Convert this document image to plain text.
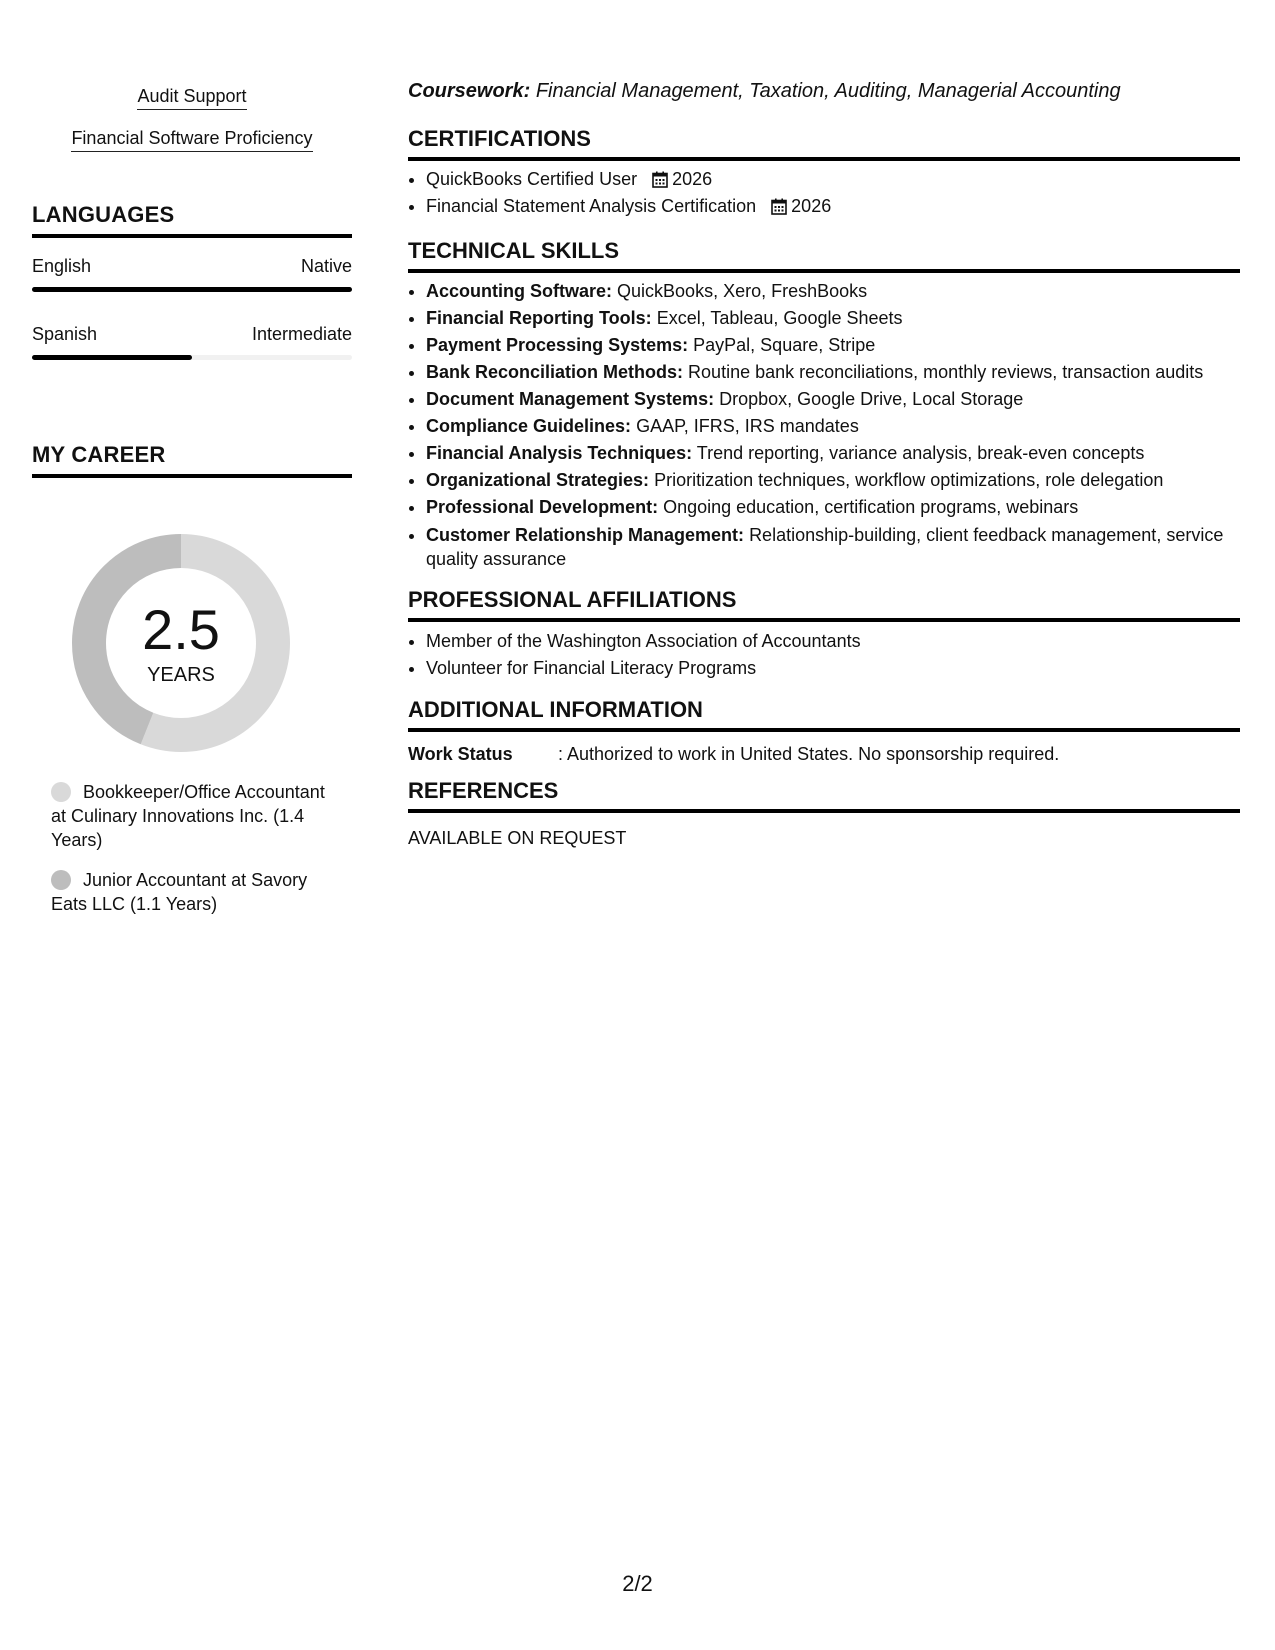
Audit Support
Financial Software Proficiency
LANGUAGES
English	Native
Spanish	Intermediate
MY CAREER
2.5
YEARS
Bookkeeper/Office Accountant at Culinary Innovations Inc. (1.4 Years)
Junior Accountant at Savory Eats LLC (1.1 Years)
Coursework: Financial Management, Taxation, Auditing, Managerial Accounting
CERTIFICATIONS
• QuickBooks Certified User 2026
• Financial Statement Analysis Certification 2026
TECHNICAL SKILLS
• Accounting Software: QuickBooks, Xero, FreshBooks
• Financial Reporting Tools: Excel, Tableau, Google Sheets
• Payment Processing Systems: PayPal, Square, Stripe
• Bank Reconciliation Methods: Routine bank reconciliations, monthly reviews, transaction audits
• Document Management Systems: Dropbox, Google Drive, Local Storage
• Compliance Guidelines: GAAP, IFRS, IRS mandates
• Financial Analysis Techniques: Trend reporting, variance analysis, break-even concepts
• Organizational Strategies: Prioritization techniques, workflow optimizations, role delegation
• Professional Development: Ongoing education, certification programs, webinars
• Customer Relationship Management: Relationship-building, client feedback management, service quality assurance
PROFESSIONAL AFFILIATIONS
• Member of the Washington Association of Accountants
• Volunteer for Financial Literacy Programs
ADDITIONAL INFORMATION
Work Status	: Authorized to work in United States. No sponsorship required.
REFERENCES
AVAILABLE ON REQUEST
2/2
